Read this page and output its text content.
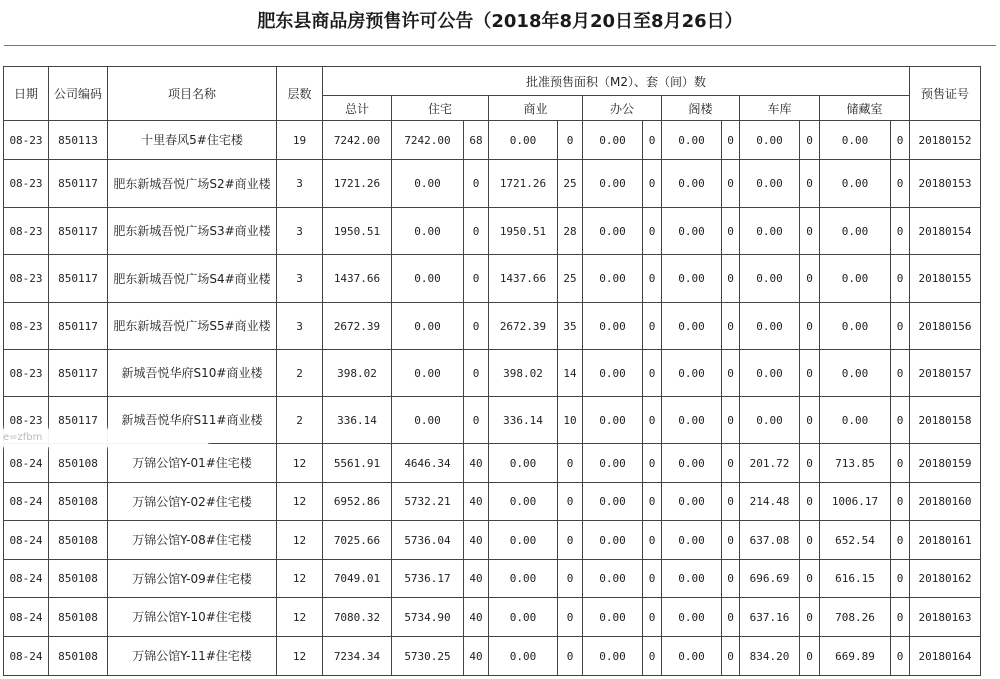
肥东县商品房预售许可公告（2018年8月20日至8月26日）
日期	公司编码	项目名称	层数	批准预售面积（M2）、套（间）数													预售证号
				总计	住宅		商业		办公		阁楼		车库		储藏室		
08-23	850113	十里春风5#住宅楼	19	7242.00	7242.00	68	0.00	0	0.00	0	0.00	0	0.00	0	0.00	0	20180152
08-23	850117	肥东新城吾悦广场S2#商业楼	3	1721.26	0.00	0	1721.26	25	0.00	0	0.00	0	0.00	0	0.00	0	20180153
08-23	850117	肥东新城吾悦广场S3#商业楼	3	1950.51	0.00	0	1950.51	28	0.00	0	0.00	0	0.00	0	0.00	0	20180154
08-23	850117	肥东新城吾悦广场S4#商业楼	3	1437.66	0.00	0	1437.66	25	0.00	0	0.00	0	0.00	0	0.00	0	20180155
08-23	850117	肥东新城吾悦广场S5#商业楼	3	2672.39	0.00	0	2672.39	35	0.00	0	0.00	0	0.00	0	0.00	0	20180156
08-23	850117	新城吾悦华府S10#商业楼	2	398.02	0.00	0	398.02	14	0.00	0	0.00	0	0.00	0	0.00	0	20180157
08-23	850117	新城吾悦华府S11#商业楼	2	336.14	0.00	0	336.14	10	0.00	0	0.00	0	0.00	0	0.00	0	20180158
08-24	850108	万锦公馆Y-01#住宅楼	12	5561.91	4646.34	40	0.00	0	0.00	0	0.00	0	201.72	0	713.85	0	20180159
08-24	850108	万锦公馆Y-02#住宅楼	12	6952.86	5732.21	40	0.00	0	0.00	0	0.00	0	214.48	0	1006.17	0	20180160
08-24	850108	万锦公馆Y-08#住宅楼	12	7025.66	5736.04	40	0.00	0	0.00	0	0.00	0	637.08	0	652.54	0	20180161
08-24	850108	万锦公馆Y-09#住宅楼	12	7049.01	5736.17	40	0.00	0	0.00	0	0.00	0	696.69	0	616.15	0	20180162
08-24	850108	万锦公馆Y-10#住宅楼	12	7080.32	5734.90	40	0.00	0	0.00	0	0.00	0	637.16	0	708.26	0	20180163
08-24	850108	万锦公馆Y-11#住宅楼	12	7234.34	5730.25	40	0.00	0	0.00	0	0.00	0	834.20	0	669.89	0	20180164
e=zfbm
